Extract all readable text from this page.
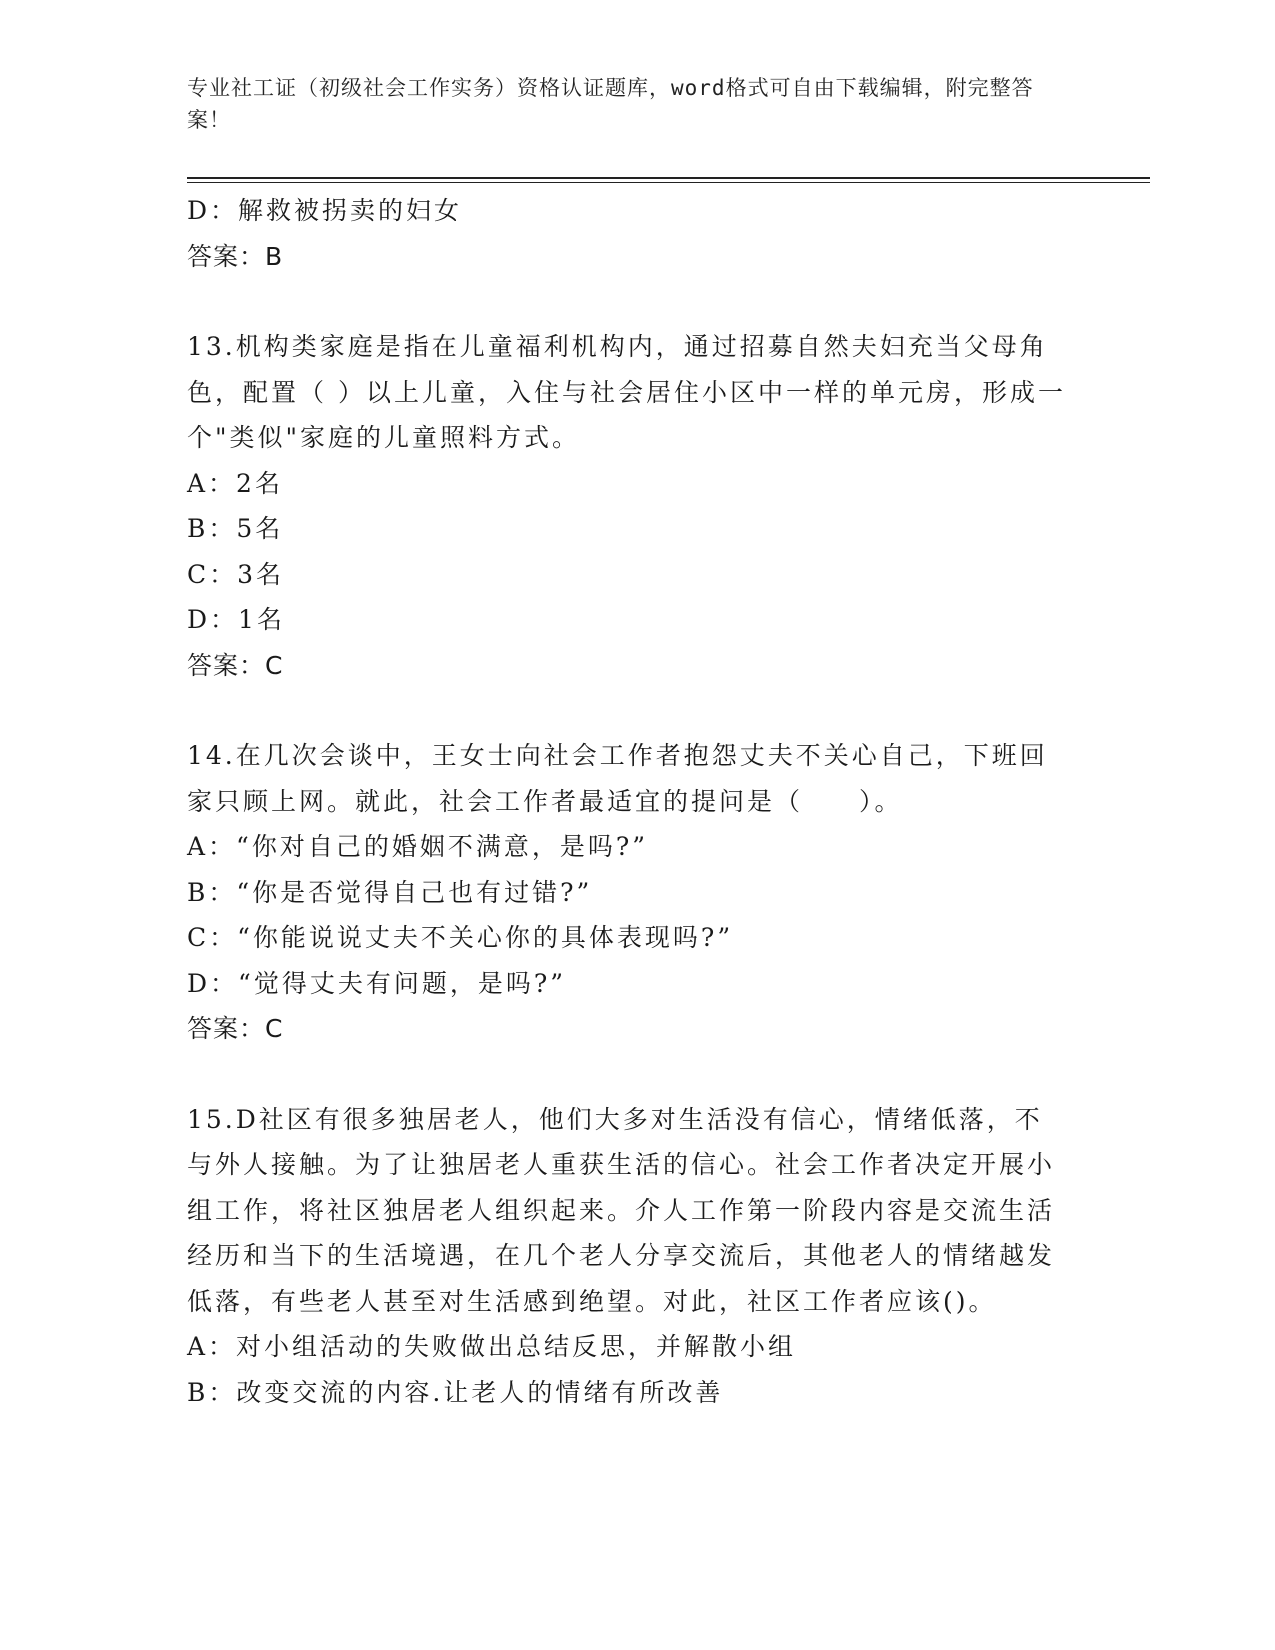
专业社工证（初级社会工作实务）资格认证题库，word格式可自由下载编辑，附完整答案！
D：解救被拐卖的妇女
答案：B
13.机构类家庭是指在儿童福利机构内，通过招募自然夫妇充当父母角色，配置（ ）以上儿童，入住与社会居住小区中一样的单元房，形成一个"类似"家庭的儿童照料方式。
A：2名
B：5名
C：3名
D：1名
答案：C
14.在几次会谈中，王女士向社会工作者抱怨丈夫不关心自己，下班回家只顾上网。就此，社会工作者最适宜的提问是（　　）。
A：“你对自己的婚姻不满意，是吗?”
B：“你是否觉得自己也有过错?”
C：“你能说说丈夫不关心你的具体表现吗?”
D：“觉得丈夫有问题，是吗?”
答案：C
15.D社区有很多独居老人，他们大多对生活没有信心，情绪低落，不与外人接触。为了让独居老人重获生活的信心。社会工作者决定开展小组工作，将社区独居老人组织起来。介人工作第一阶段内容是交流生活经历和当下的生活境遇，在几个老人分享交流后，其他老人的情绪越发低落，有些老人甚至对生活感到绝望。对此，社区工作者应该()。
A：对小组活动的失败做出总结反思，并解散小组
B：改变交流的内容.让老人的情绪有所改善
